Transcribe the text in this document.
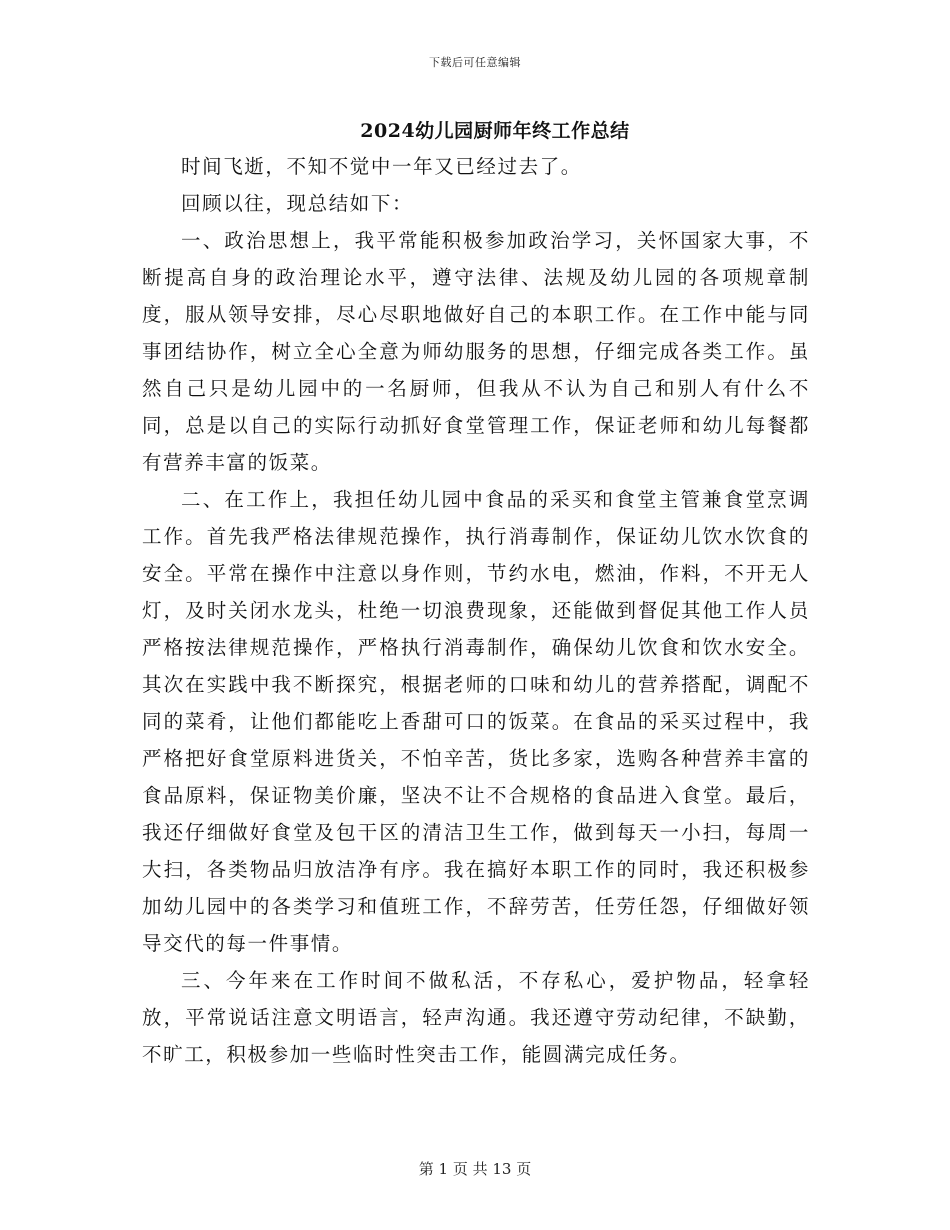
下载后可任意编辑
2024幼儿园厨师年终工作总结

时间飞逝，不知不觉中一年又已经过去了。

回顾以往，现总结如下：

一、政治思想上，我平常能积极参加政治学习，关怀国家大事，不断提高自身的政治理论水平，遵守法律、法规及幼儿园的各项规章制度，服从领导安排，尽心尽职地做好自己的本职工作。在工作中能与同事团结协作，树立全心全意为师幼服务的思想，仔细完成各类工作。虽然自己只是幼儿园中的一名厨师，但我从不认为自己和别人有什么不同，总是以自己的实际行动抓好食堂管理工作，保证老师和幼儿每餐都有营养丰富的饭菜。

二、在工作上，我担任幼儿园中食品的采买和食堂主管兼食堂烹调工作。首先我严格法律规范操作，执行消毒制作，保证幼儿饮水饮食的安全。平常在操作中注意以身作则，节约水电，燃油，作料，不开无人灯，及时关闭水龙头，杜绝一切浪费现象，还能做到督促其他工作人员严格按法律规范操作，严格执行消毒制作，确保幼儿饮食和饮水安全。其次在实践中我不断探究，根据老师的口味和幼儿的营养搭配，调配不同的菜肴，让他们都能吃上香甜可口的饭菜。在食品的采买过程中，我严格把好食堂原料进货关，不怕辛苦，货比多家，选购各种营养丰富的食品原料，保证物美价廉，坚决不让不合规格的食品进入食堂。最后，我还仔细做好食堂及包干区的清洁卫生工作，做到每天一小扫，每周一大扫，各类物品归放洁净有序。我在搞好本职工作的同时，我还积极参加幼儿园中的各类学习和值班工作，不辞劳苦，任劳任怨，仔细做好领导交代的每一件事情。

三、今年来在工作时间不做私活，不存私心，爱护物品，轻拿轻放，平常说话注意文明语言，轻声沟通。我还遵守劳动纪律，不缺勤，不旷工，积极参加一些临时性突击工作，能圆满完成任务。

第 1 页 共 13 页
